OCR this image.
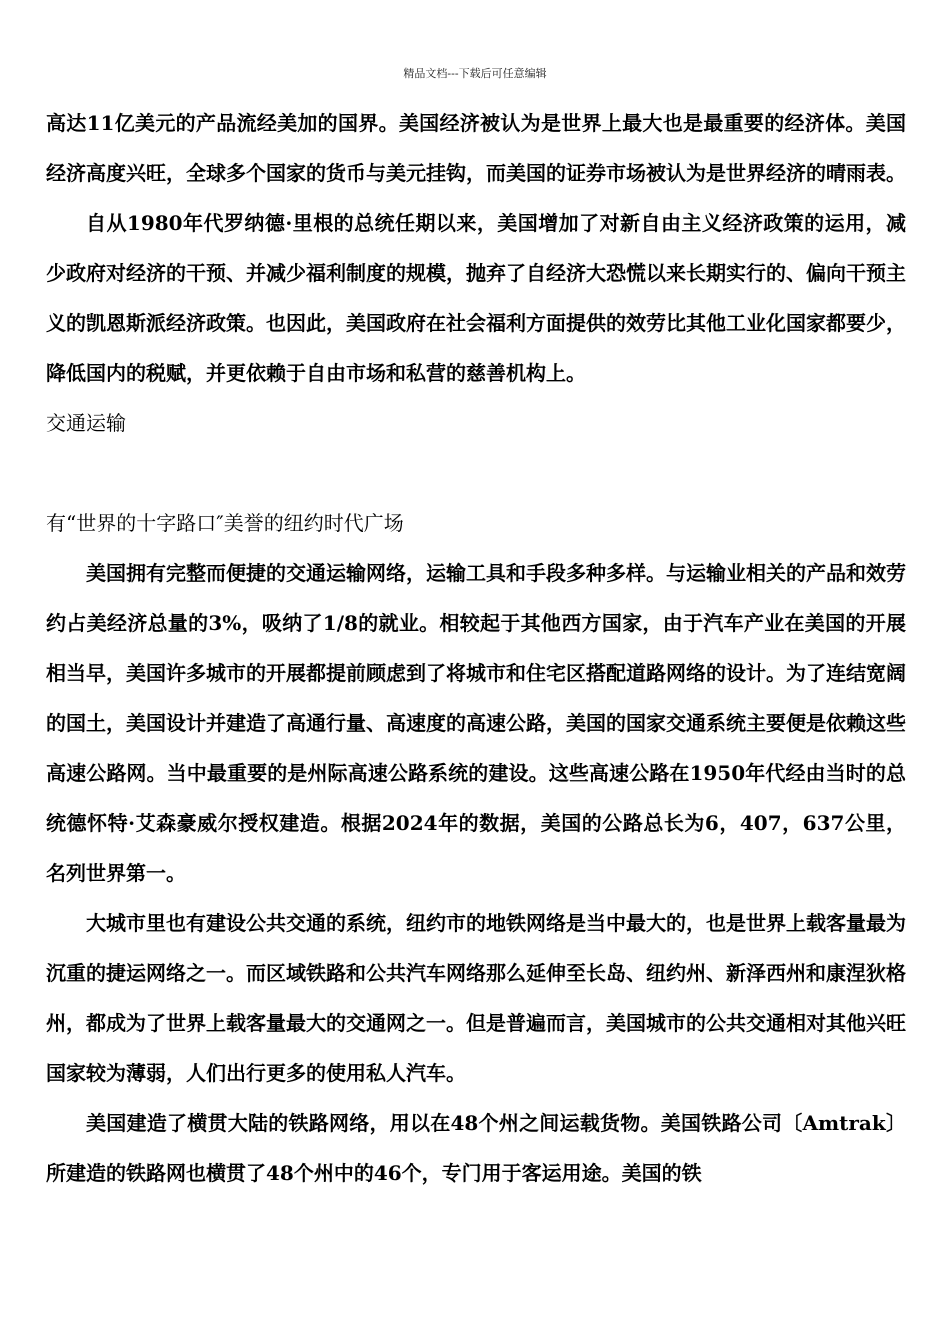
精品文档---下载后可任意编辑

高达11亿美元的产品流经美加的国界。美国经济被认为是世界上最大也是最重要的经济体。美国经济高度兴旺，全球多个国家的货币与美元挂钩，而美国的证券市场被认为是世界经济的晴雨表。

自从1980年代罗纳德·里根的总统任期以来，美国增加了对新自由主义经济政策的运用，减少政府对经济的干预、并减少福利制度的规模，抛弃了自经济大恐慌以来长期实行的、偏向干预主义的凯恩斯派经济政策。也因此，美国政府在社会福利方面提供的效劳比其他工业化国家都要少，降低国内的税赋，并更依赖于自由市场和私营的慈善机构上。

交通运输

有“世界的十字路口″美誉的纽约时代广场

美国拥有完整而便捷的交通运输网络，运输工具和手段多种多样。与运输业相关的产品和效劳约占美经济总量的3%，吸纳了1/8的就业。相较起于其他西方国家，由于汽车产业在美国的开展相当早，美国许多城市的开展都提前顾虑到了将城市和住宅区搭配道路网络的设计。为了连结宽阔的国土，美国设计并建造了高通行量、高速度的高速公路，美国的国家交通系统主要便是依赖这些高速公路网。当中最重要的是州际高速公路系统的建设。这些高速公路在1950年代经由当时的总统德怀特·艾森豪威尔授权建造。根据2024年的数据，美国的公路总长为6，407，637公里，名列世界第一。

大城市里也有建设公共交通的系统，纽约市的地铁网络是当中最大的，也是世界上载客量最为沉重的捷运网络之一。而区域铁路和公共汽车网络那么延伸至长岛、纽约州、新泽西州和康涅狄格州，都成为了世界上载客量最大的交通网之一。但是普遍而言，美国城市的公共交通相对其他兴旺国家较为薄弱，人们出行更多的使用私人汽车。

美国建造了横贯大陆的铁路网络，用以在48个州之间运载货物。美国铁路公司〔Amtrak〕所建造的铁路网也横贯了48个州中的46个，专门用于客运用途。美国的铁
